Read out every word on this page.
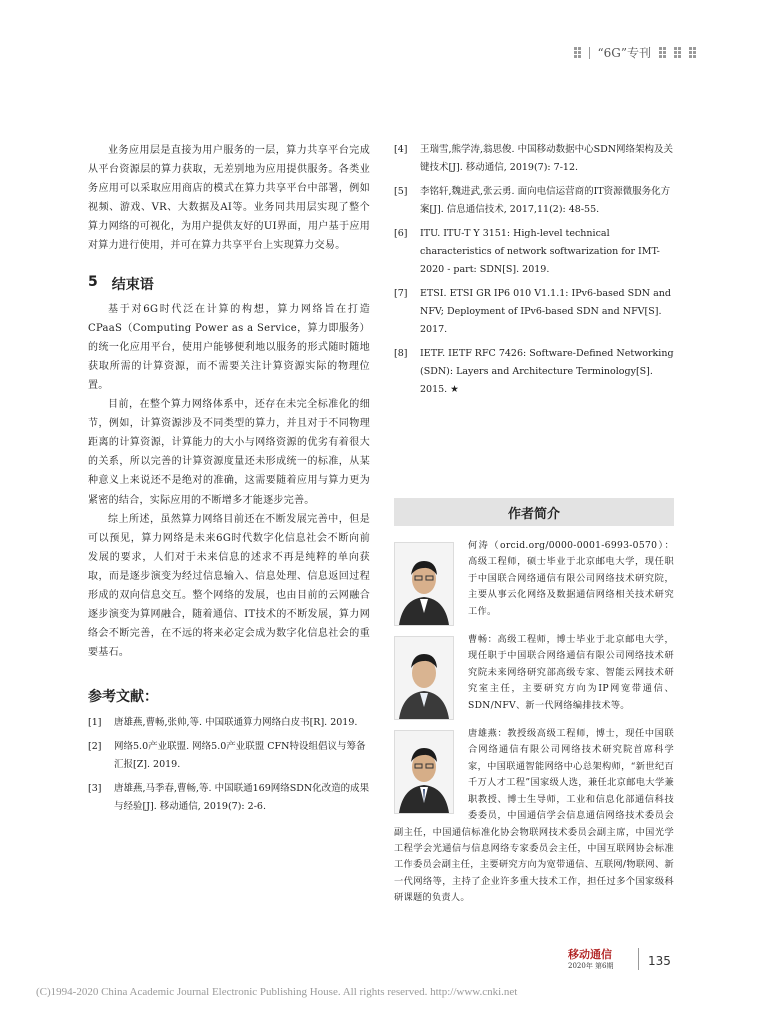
“6G”专刊

业务应用层是直接为用户服务的一层，算力共享平台完成从平台资源层的算力获取，无差别地为应用提供服务。各类业务应用可以采取应用商店的模式在算力共享平台中部署，例如视频、游戏、VR、大数据及AI等。业务同共用层实现了整个算力网络的可视化，为用户提供友好的UI界面，用户基于应用对算力进行使用，并可在算力共享平台上实现算力交易。

5 结束语

基于对6G时代泛在计算的构想，算力网络旨在打造CPaaS（Computing Power as a Service，算力即服务）的统一化应用平台，使用户能够便利地以服务的形式随时随地获取所需的计算资源，而不需要关注计算资源实际的物理位置。

目前，在整个算力网络体系中，还存在未完全标准化的细节，例如，计算资源涉及不同类型的算力，并且对于不同物理距离的计算资源，计算能力的大小与网络资源的优劣有着很大的关系，所以完善的计算资源度量还未形成统一的标准，从某种意义上来说还不是绝对的准确，这需要随着应用与算力更为紧密的结合，实际应用的不断增多才能逐步完善。

综上所述，虽然算力网络目前还在不断发展完善中，但是可以预见，算力网络是未来6G时代数字化信息社会不断向前发展的要求，人们对于未来信息的述求不再是纯粹的单向获取，而是逐步演变为经过信息输入、信息处理、信息返回过程形成的双向信息交互。整个网络的发展，也由目前的云网融合逐步演变为算网融合，随着通信、IT技术的不断发展，算力网络会不断完善，在不远的将来必定会成为数字化信息社会的重要基石。

参考文献：
[1]	唐雄燕,曹畅,张帅,等. 中国联通算力网络白皮书[R]. 2019.
[2]	网络5.0产业联盟. 网络5.0产业联盟 CFN特设组倡议与筹备汇报[Z]. 2019.
[3]	唐雄燕,马季春,曹畅,等. 中国联通169网络SDN化改造的成果与经验[J]. 移动通信, 2019(7): 2-6.
[4]	王瑞雪,熊学涛,翁思俊. 中国移动数据中心SDN网络架构及关键技术[J]. 移动通信, 2019(7): 7-12.
[5]	李铭轩,魏进武,张云勇. 面向电信运营商的IT资源微服务化方案[J]. 信息通信技术, 2017,11(2): 48-55.
[6]	ITU. ITU-T Y 3151: High-level technical characteristics of network softwarization for IMT-2020 - part: SDN[S]. 2019.
[7]	ETSI. ETSI GR IP6 010 V1.1.1: IPv6-based SDN and NFV; Deployment of IPv6-based SDN and NFV[S]. 2017.
[8]	IETF. IETF RFC 7426: Software-Defined Networking (SDN): Layers and Architecture Terminology[S]. 2015. ★
作者简介
何涛（orcid.org/0000-0001-6993-0570）：高级工程师，硕士毕业于北京邮电大学，现任职于中国联合网络通信有限公司网络技术研究院，主要从事云化网络及数据通信网络相关技术研究工作。
曹畅：高级工程师，博士毕业于北京邮电大学，现任职于中国联合网络通信有限公司网络技术研究院未来网络研究部高级专家、智能云网技术研究室主任，主要研究方向为IP网宽带通信、SDN/NFV、新一代网络编排技术等。
唐雄燕：教授级高级工程师，博士，现任中国联合网络通信有限公司网络技术研究院首席科学家，中国联通智能网络中心总架构师，“新世纪百千万人才工程”国家级人选，兼任北京邮电大学兼职教授、博士生导师，工业和信息化部通信科技委委员，中国通信学会信息通信网络技术委员会副主任，中国通信标准化协会物联网技术委员会副主席，中国光学工程学会光通信与信息网络专家委员会主任，中国互联网协会标准工作委员会副主任，主要研究方向为宽带通信、互联网/物联网、新一代网络等，主持了企业许多重大技术工作，担任过多个国家级科研课题的负责人。
移动通信
2020年 第6期	135
(C)1994-2020 China Academic Journal Electronic Publishing House. All rights reserved. http://www.cnki.net
